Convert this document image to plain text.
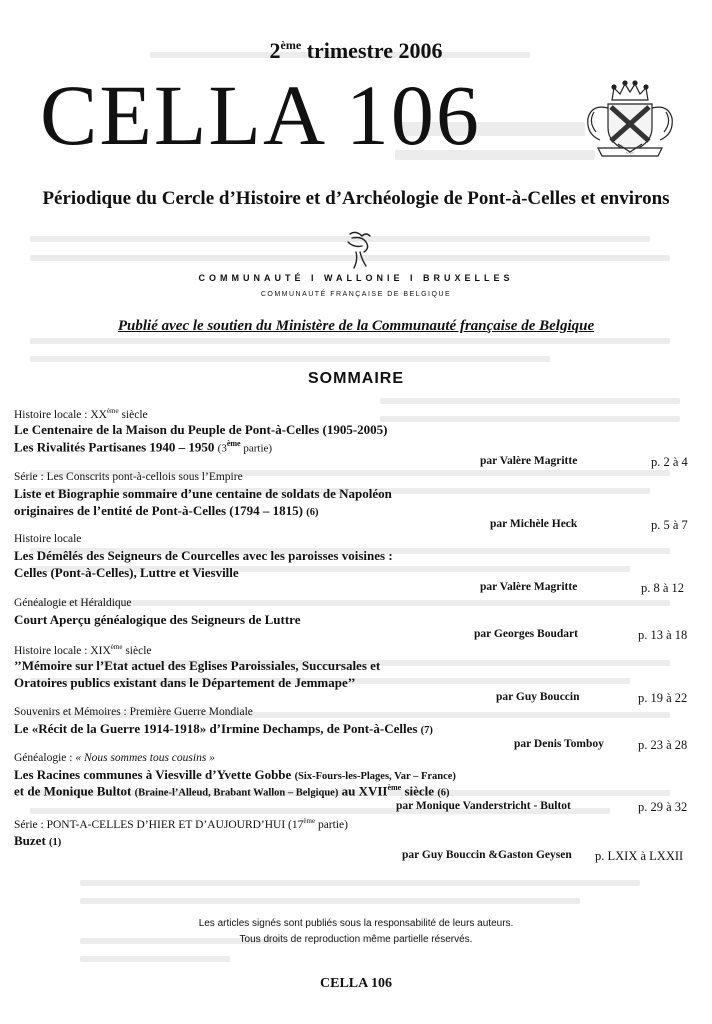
2ème trimestre 2006
CELLA 106	~~~
Périodique du Cercle d’Histoire et d’Archéologie de Pont-à-Celles et environs
COMMUNAUTÉ I WALLONIE I BRUXELLES
COMMUNAUTÉ FRANÇAISE DE BELGIQUE
Publié avec le soutien du Ministère de la Communauté française de Belgique
SOMMAIRE
Histoire locale : XXème siècle
Le Centenaire de la Maison du Peuple de Pont-à-Celles (1905-2005)
Les Rivalités Partisanes 1940 – 1950 (3ème partie)
par Valère Magritte	p. 2 à 4
Série : Les Conscrits pont-à-cellois sous l’Empire
Liste et Biographie sommaire d’une centaine de soldats de Napoléon
originaires de l’entité de Pont-à-Celles (1794 – 1815) (6)
par Michèle Heck	p. 5 à 7
Histoire locale
Les Démêlés des Seigneurs de Courcelles avec les paroisses voisines :
Celles (Pont-à-Celles), Luttre et Viesville
par Valère Magritte	p. 8 à 12
Généalogie et Héraldique
Court Aperçu généalogique des Seigneurs de Luttre
par Georges Boudart	p. 13 à 18
Histoire locale : XIXème siècle
’’Mémoire sur l’Etat actuel des Eglises Paroissiales, Succursales et
Oratoires publics existant dans le Département de Jemmape’’
par Guy Bouccin	p. 19 à 22
Souvenirs et Mémoires : Première Guerre Mondiale
Le «Récit de la Guerre 1914-1918» d’Irmine Dechamps, de Pont-à-Celles (7)
par Denis Tomboy	p. 23 à 28
Généalogie : « Nous sommes tous cousins »
Les Racines communes à Viesville d’Yvette Gobbe (Six-Fours-les-Plages, Var – France)
et de Monique Bultot (Braine-l’Alleud, Brabant Wallon – Belgique) au XVIIème siècle (6)
par Monique Vanderstricht - Bultot	p. 29 à 32
Série : PONT-A-CELLES D’HIER ET D’AUJOURD’HUI (17ème partie)
Buzet (1)
par Guy Bouccin &Gaston Geysen p. LXIX à LXXII
Les articles signés sont publiés sous la responsabilité de leurs auteurs.
Tous droits de reproduction même partielle réservés.
CELLA 106
